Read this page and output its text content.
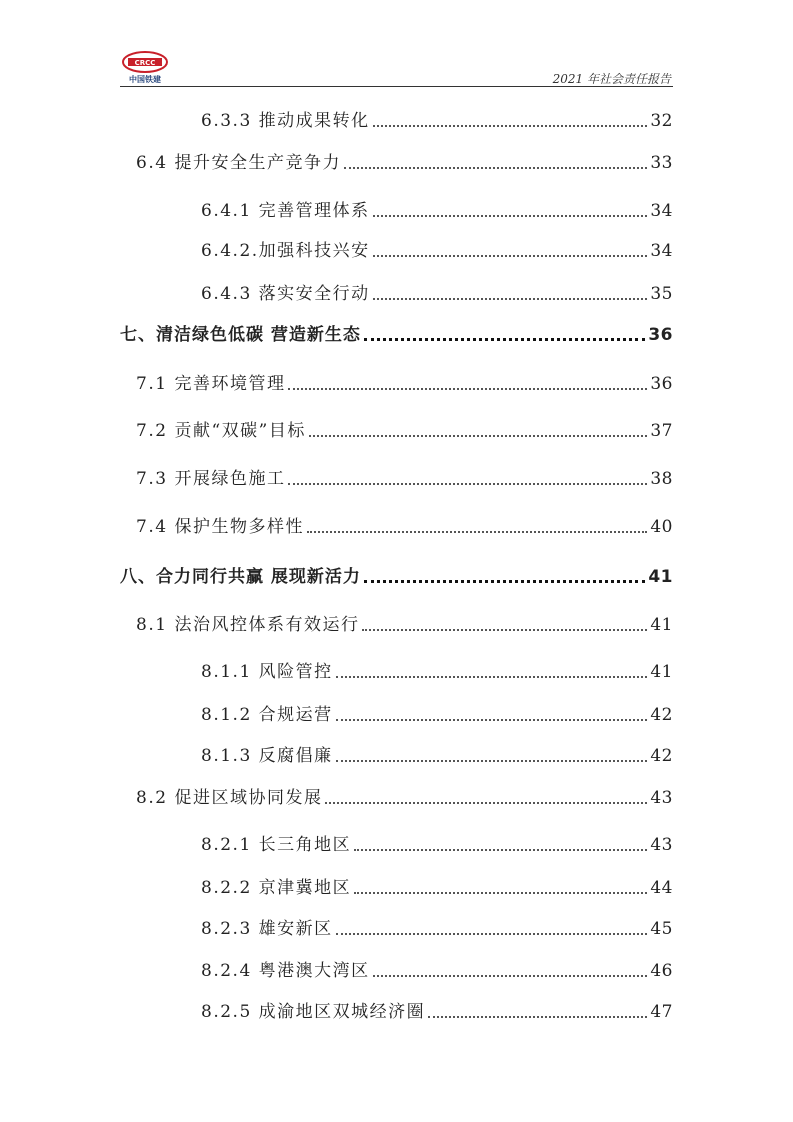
CRCC
中国铁建	2021 年社会责任报告
6.3.3 推动成果转化	32
6.4 提升安全生产竞争力	33
6.4.1 完善管理体系	34
6.4.2.加强科技兴安	34
6.4.3 落实安全行动	35
七、清洁绿色低碳 营造新生态	36
7.1 完善环境管理	36
7.2 贡献“双碳”目标	37
7.3 开展绿色施工	38
7.4 保护生物多样性	40
八、合力同行共赢 展现新活力	41
8.1 法治风控体系有效运行	41
8.1.1 风险管控	41
8.1.2 合规运营	42
8.1.3 反腐倡廉	42
8.2 促进区域协同发展	43
8.2.1 长三角地区	43
8.2.2 京津冀地区	44
8.2.3 雄安新区	45
8.2.4 粤港澳大湾区	46
8.2.5 成渝地区双城经济圈	47
